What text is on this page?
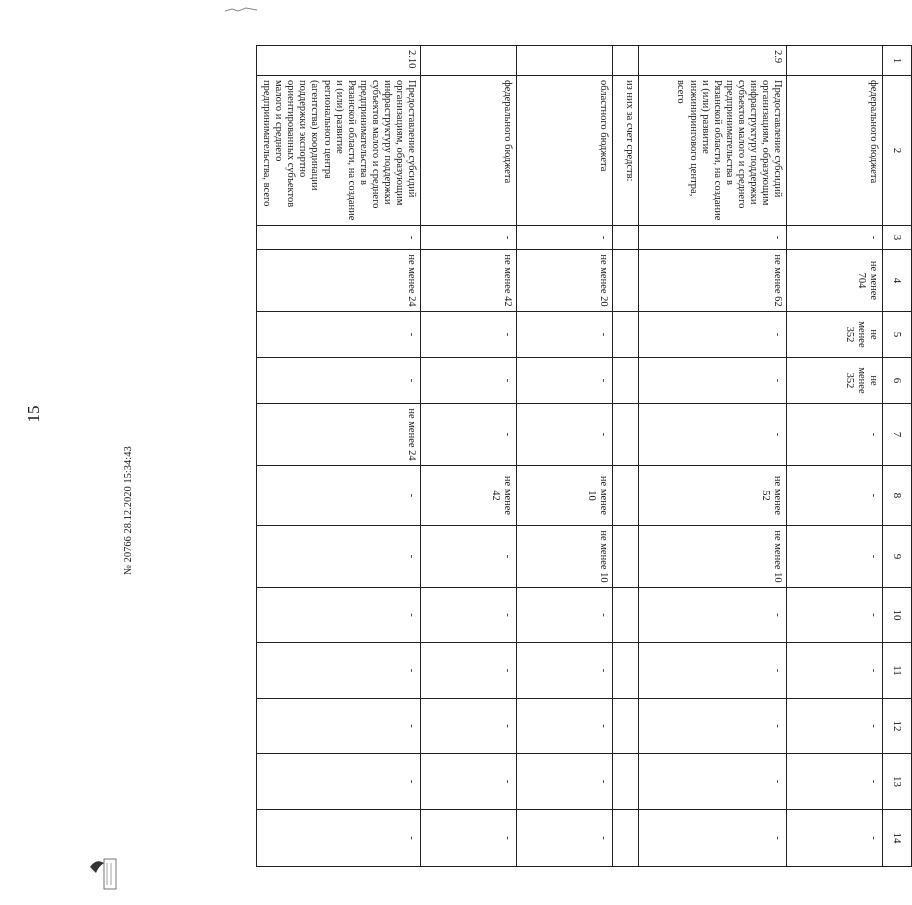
15
1	2	3	4	5	6	7	8	9	10	11	12	13	14
	федерального бюджета	-	не менее 704	не менее 352	не менее 352	-	-	-	-	-	-	-	-
2.9	Предоставление субсидий организациям, образующим инфраструктуру поддержки субъектов малого и среднего предпринимательства в Рязанской области, на создание и (или) развитие инжинирингового центра, всего	-	не менее 62	-	-	-	не менее 52	не менее 10	-	-	-	-	-
	из них за счет средств:												
	областного бюджета	-	не менее 20	-	-	-	не менее 10	не менее 10	-	-	-	-	-
	федерального бюджета	-	не менее 42	-	-	-	не менее 42	-	-	-	-	-	-
2.10	Предоставление субсидий организациям, образующим инфраструктуру поддержки субъектов малого и среднего предпринимательства в Рязанской области, на создание и (или) развитие регионального центра (агентства) координации поддержки экспортно ориентированных субъектов малого и среднего предпринимательства, всего	-	не менее 24	-	-	не менее 24	-	-	-	-	-	-	-
№ 20766 28.12.2020 15:34:43
